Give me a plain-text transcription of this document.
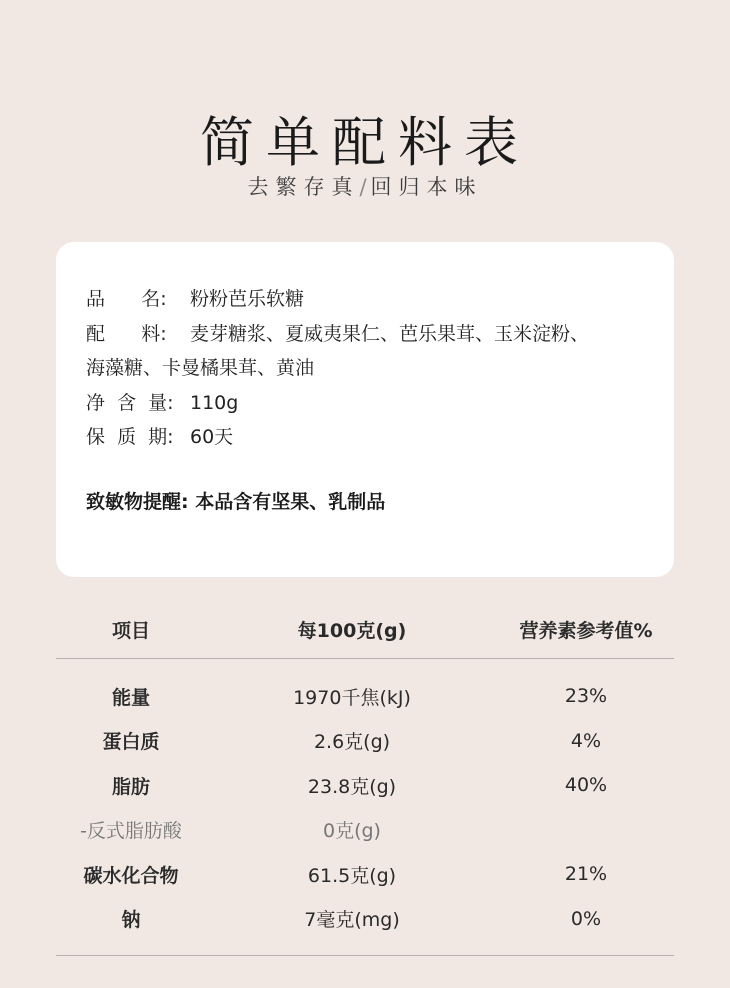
简单配料表
去繁存真/回归本味
品      名:	粉粉芭乐软糖
配      料:	麦芽糖浆、夏威夷果仁、芭乐果茸、玉米淀粉、
海藻糖、卡曼橘果茸、黄油
净  含  量: 110g
保  质  期: 60天
致敏物提醒: 本品含有坚果、乳制品
项目	每100克(g)	营养素参考值%
能量	1970千焦(kJ)	23%
蛋白质	2.6克(g)	4%
脂肪	23.8克(g)	40%
-反式脂肪酸	0克(g)
碳水化合物	61.5克(g)	21%
钠	7毫克(mg)	0%
